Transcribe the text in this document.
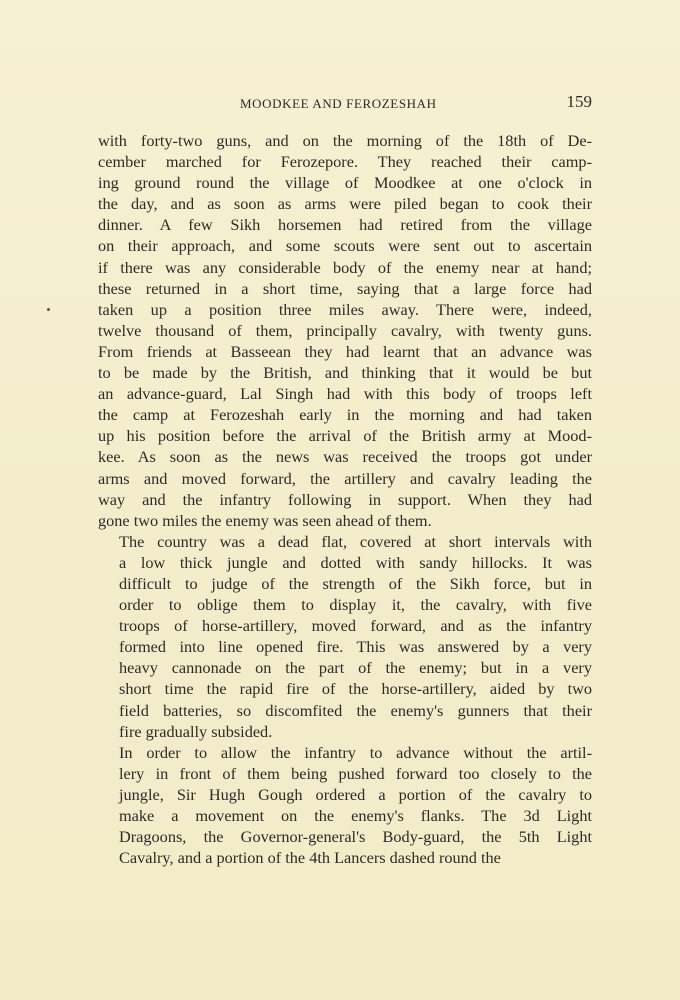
MOODKEE AND FEROZESHAH	159

with forty-two guns, and on the morning of the 18th of De-
cember marched for Ferozepore. They reached their camp-
ing ground round the village of Moodkee at one o'clock in
the day, and as soon as arms were piled began to cook their
dinner. A few Sikh horsemen had retired from the village
on their approach, and some scouts were sent out to ascertain
if there was any considerable body of the enemy near at hand;
these returned in a short time, saying that a large force had
taken up a position three miles away. There were, indeed,
twelve thousand of them, principally cavalry, with twenty guns.
From friends at Basseean they had learnt that an advance was
to be made by the British, and thinking that it would be but
an advance-guard, Lal Singh had with this body of troops left
the camp at Ferozeshah early in the morning and had taken
up his position before the arrival of the British army at Mood-
kee. As soon as the news was received the troops got under
arms and moved forward, the artillery and cavalry leading the
way and the infantry following in support. When they had
gone two miles the enemy was seen ahead of them.

The country was a dead flat, covered at short intervals with
a low thick jungle and dotted with sandy hillocks. It was
difficult to judge of the strength of the Sikh force, but in
order to oblige them to display it, the cavalry, with five
troops of horse-artillery, moved forward, and as the infantry
formed into line opened fire. This was answered by a very
heavy cannonade on the part of the enemy; but in a very
short time the rapid fire of the horse-artillery, aided by two
field batteries, so discomfited the enemy's gunners that their
fire gradually subsided.

In order to allow the infantry to advance without the artil-
lery in front of them being pushed forward too closely to the
jungle, Sir Hugh Gough ordered a portion of the cavalry to
make a movement on the enemy's flanks. The 3d Light
Dragoons, the Governor-general's Body-guard, the 5th Light
Cavalry, and a portion of the 4th Lancers dashed round the
